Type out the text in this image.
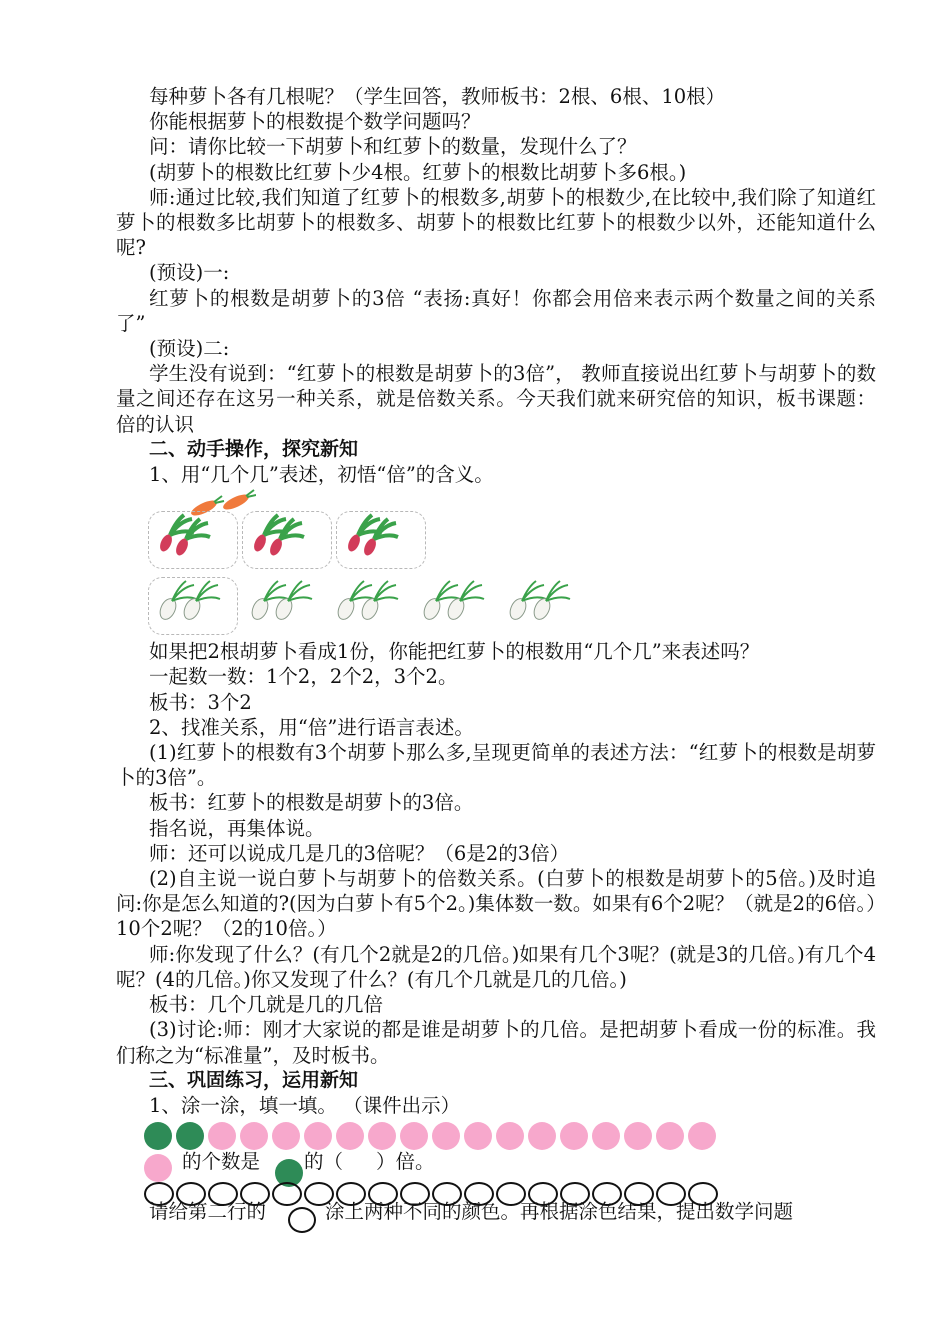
每种萝卜各有几根呢？（学生回答，教师板书：2根、6根、10根）

你能根据萝卜的根数提个数学问题吗？

问：请你比较一下胡萝卜和红萝卜的数量，发现什么了？

(胡萝卜的根数比红萝卜少4根。红萝卜的根数比胡萝卜多6根。)

师:通过比较,我们知道了红萝卜的根数多,胡萝卜的根数少,在比较中,我们除了知道红萝卜的根数多比胡萝卜的根数多、胡萝卜的根数比红萝卜的根数少以外，还能知道什么呢?

(预设)一:

红萝卜的根数是胡萝卜的3倍 “表扬:真好！你都会用倍来表示两个数量之间的关系了”

(预设)二:

学生没有说到：“红萝卜的根数是胡萝卜的3倍”， 教师直接说出红萝卜与胡萝卜的数量之间还存在这另一种关系，就是倍数关系。今天我们就来研究倍的知识，板书课题：倍的认识

二、动手操作，探究新知

1、用“几个几”表述，初悟“倍”的含义。

如果把2根胡萝卜看成1份，你能把红萝卜的根数用“几个几”来表述吗？

一起数一数：1个2，2个2，3个2。

板书：3个2

2、找准关系，用“倍”进行语言表述。

(1)红萝卜的根数有3个胡萝卜那么多,呈现更简单的表述方法：“红萝卜的根数是胡萝卜的3倍”。

板书：红萝卜的根数是胡萝卜的3倍。

指名说，再集体说。

师：还可以说成几是几的3倍呢？（6是2的3倍）

(2)自主说一说白萝卜与胡萝卜的倍数关系。(白萝卜的根数是胡萝卜的5倍。)及时追问:你是怎么知道的?(因为白萝卜有5个2。)集体数一数。如果有6个2呢？（就是2的6倍。）10个2呢？（2的10倍。）

师:你发现了什么？(有几个2就是2的几倍。)如果有几个3呢？(就是3的几倍。)有几个4呢？(4的几倍。)你又发现了什么？(有几个几就是几的几倍。)

板书：几个几就是几的几倍

(3)讨论:师：刚才大家说的都是谁是胡萝卜的几倍。是把胡萝卜看成一份的标准。我们称之为“标准量”，及时板书。

三、巩固练习，运用新知

1、涂一涂，填一填。 （课件出示）

的个数是 的（ ）倍。
请给第二行的	涂上两种不同的颜色。再根据涂色结果，提出数学问题
